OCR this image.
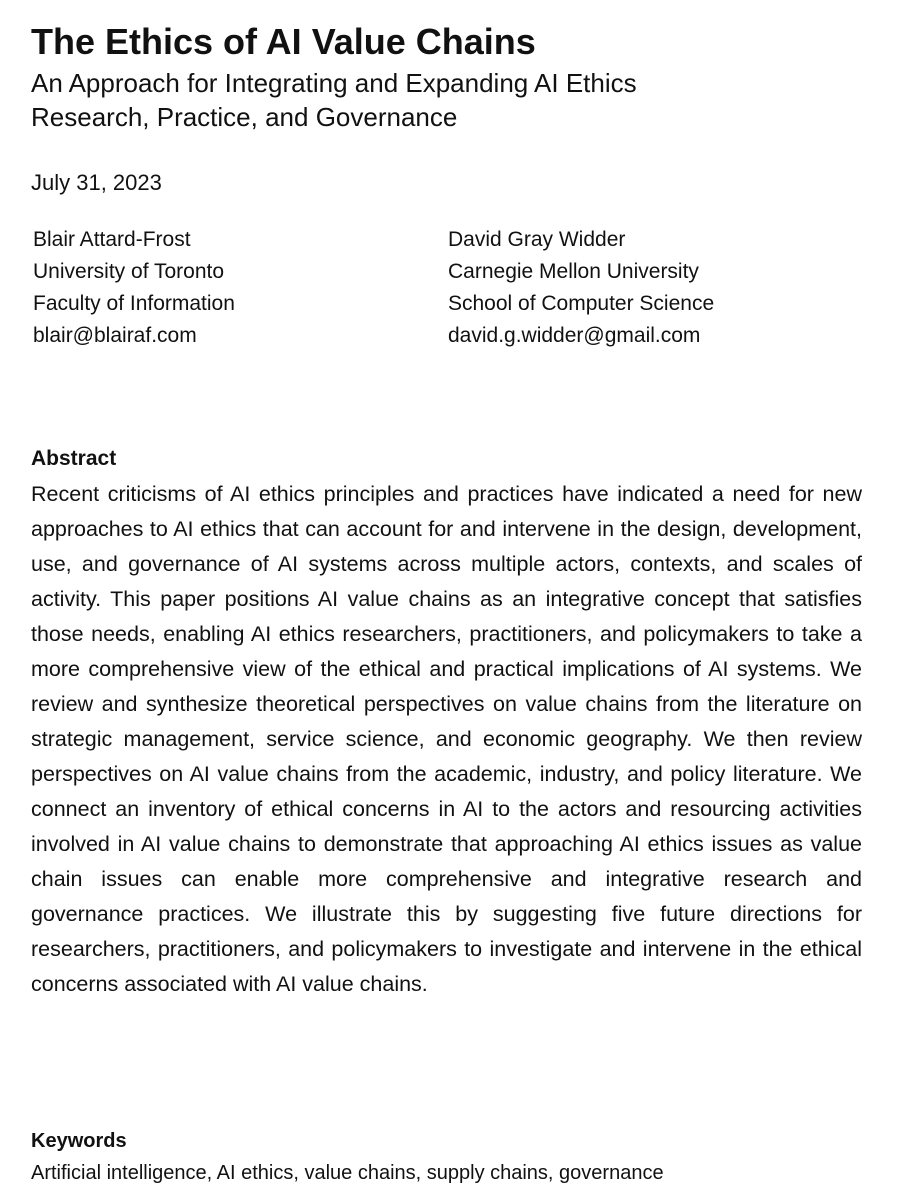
The Ethics of AI Value Chains
An Approach for Integrating and Expanding AI Ethics
Research, Practice, and Governance
July 31, 2023
Blair Attard-Frost
University of Toronto
Faculty of Information
blair@blairaf.com
David Gray Widder
Carnegie Mellon University
School of Computer Science
david.g.widder@gmail.com
Abstract

Recent criticisms of AI ethics principles and practices have indicated a need for new approaches to AI ethics that can account for and intervene in the design, development, use, and governance of AI systems across multiple actors, contexts, and scales of activity. This paper positions AI value chains as an integrative concept that satisfies those needs, enabling AI ethics researchers, practitioners, and policymakers to take a more comprehensive view of the ethical and practical implications of AI systems. We review and synthesize theoretical perspectives on value chains from the literature on strategic management, service science, and economic geography. We then review perspectives on AI value chains from the academic, industry, and policy literature. We connect an inventory of ethical concerns in AI to the actors and resourcing activities involved in AI value chains to demonstrate that approaching AI ethics issues as value chain issues can enable more comprehensive and integrative research and governance practices. We illustrate this by suggesting five future directions for researchers, practitioners, and policymakers to investigate and intervene in the ethical concerns associated with AI value chains.

Keywords

Artificial intelligence, AI ethics, value chains, supply chains, governance
